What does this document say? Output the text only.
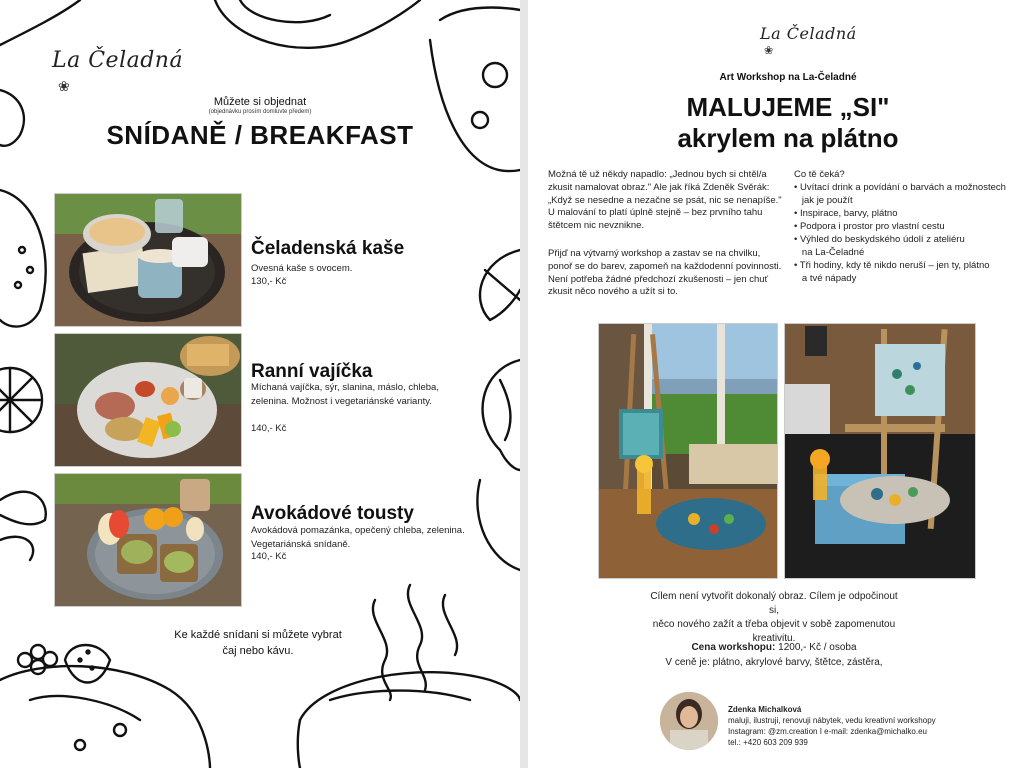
La Čeladná
❀
Můžete si objednat
(objednávku prosím domluvte předem)
SNÍDANĚ / BREAKFAST
Čeladenská kaše
Ovesná kaše s ovocem.
130,- Kč
Ranní vajíčka
Míchaná vajíčka, sýr, slanina, máslo, chleba, zelenina. Možnost i vegetariánské varianty.
140,- Kč
Avokádové tousty
Avokádová pomazánka, opečený chleba, zelenina. Vegetariánská snídaně.
140,- Kč
Ke každé snídani si můžete vybrat
čaj nebo kávu.
La Čeladná
❀
Art Workshop na La-Čeladné
MALUJEME „SI"
akrylem na plátno
Možná tě už někdy napadlo: „Jednou bych si chtěl/a zkusit namalovat obraz." Ale jak říká Zdeněk Svěrák: „Když se nesedne a nezačne se psát, nic se nenapíše." U malování to platí úplně stejně – bez prvního tahu štětcem nic nevznikne.
Přijď na výtvarný workshop a zastav se na chvilku, ponoř se do barev, zapomeň na každodenní povinnosti. Není potřeba žádné předchozí zkušenosti – jen chuť zkusit něco nového a užít si to.
Co tě čeká?
• Uvítací drink a povídání o barvách a možnostech
jak je použít
• Inspirace, barvy, plátno
• Podpora i prostor pro vlastní cestu
• Výhled do beskydského údolí z ateliéru
na La-Čeladné
• Tři hodiny, kdy tě nikdo neruší – jen ty, plátno
a tvé nápady
Cílem není vytvořit dokonalý obraz. Cílem je odpočinout si,
něco nového zažít a třeba objevit v sobě zapomenutou
kreativitu.
Cena workshopu: 1200,- Kč / osoba
V ceně je: plátno, akrylové barvy, štětce, zástěra,
Zdenka Michalková
maluji, ilustruji, renovuji nábytek, vedu kreativní workshopy
Instagram: @zm.creation I e-mail: zdenka@michalko.eu
tel.: +420 603 209 939
